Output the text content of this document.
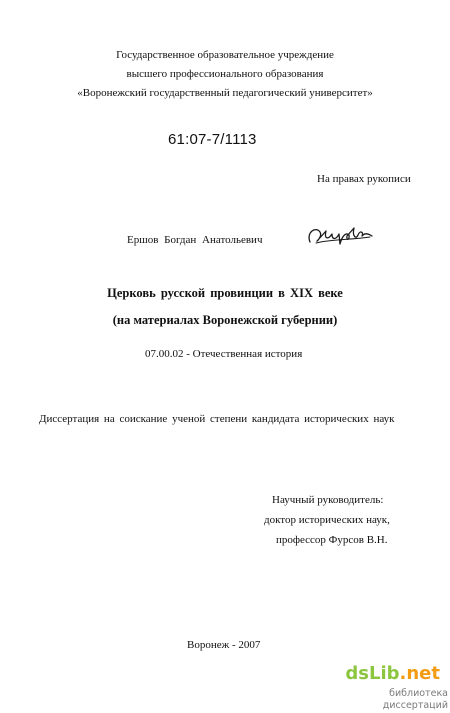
Государственное образовательное учреждение
высшего профессионального образования
«Воронежский государственный педагогический университет»
61:07-7/1113
На правах рукописи
Ершов Богдан Анатольевич
Церковь русской провинции в XIX веке
(на материалах Воронежской губернии)
07.00.02 - Отечественная история
Диссертация на соискание ученой степени кандидата исторических наук
Научный руководитель:
доктор исторических наук,
профессор Фурсов В.Н.
Воронеж - 2007
dsLib.net
библиотека диссертаций
